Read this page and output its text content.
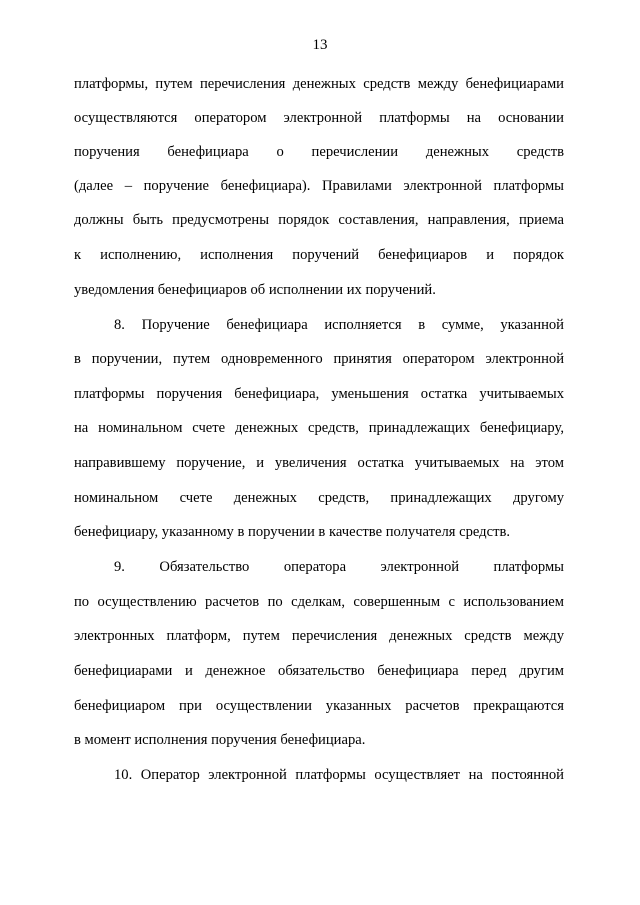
13
платформы, путем перечисления денежных средств между бенефициарами
осуществляются оператором электронной платформы на основании
поручения бенефициара о перечислении денежных средств
(далее – поручение бенефициара). Правилами электронной платформы
должны быть предусмотрены порядок составления, направления, приема
к исполнению, исполнения поручений бенефициаров и порядок
уведомления бенефициаров об исполнении их поручений.
8. Поручение бенефициара исполняется в сумме, указанной
в поручении, путем одновременного принятия оператором электронной
платформы поручения бенефициара, уменьшения остатка учитываемых
на номинальном счете денежных средств, принадлежащих бенефициару,
направившему поручение, и увеличения остатка учитываемых на этом
номинальном счете денежных средств, принадлежащих другому
бенефициару, указанному в поручении в качестве получателя средств.
9. Обязательство оператора электронной платформы
по осуществлению расчетов по сделкам, совершенным с использованием
электронных платформ, путем перечисления денежных средств между
бенефициарами и денежное обязательство бенефициара перед другим
бенефициаром при осуществлении указанных расчетов прекращаются
в момент исполнения поручения бенефициара.
10. Оператор электронной платформы осуществляет на постоянной
